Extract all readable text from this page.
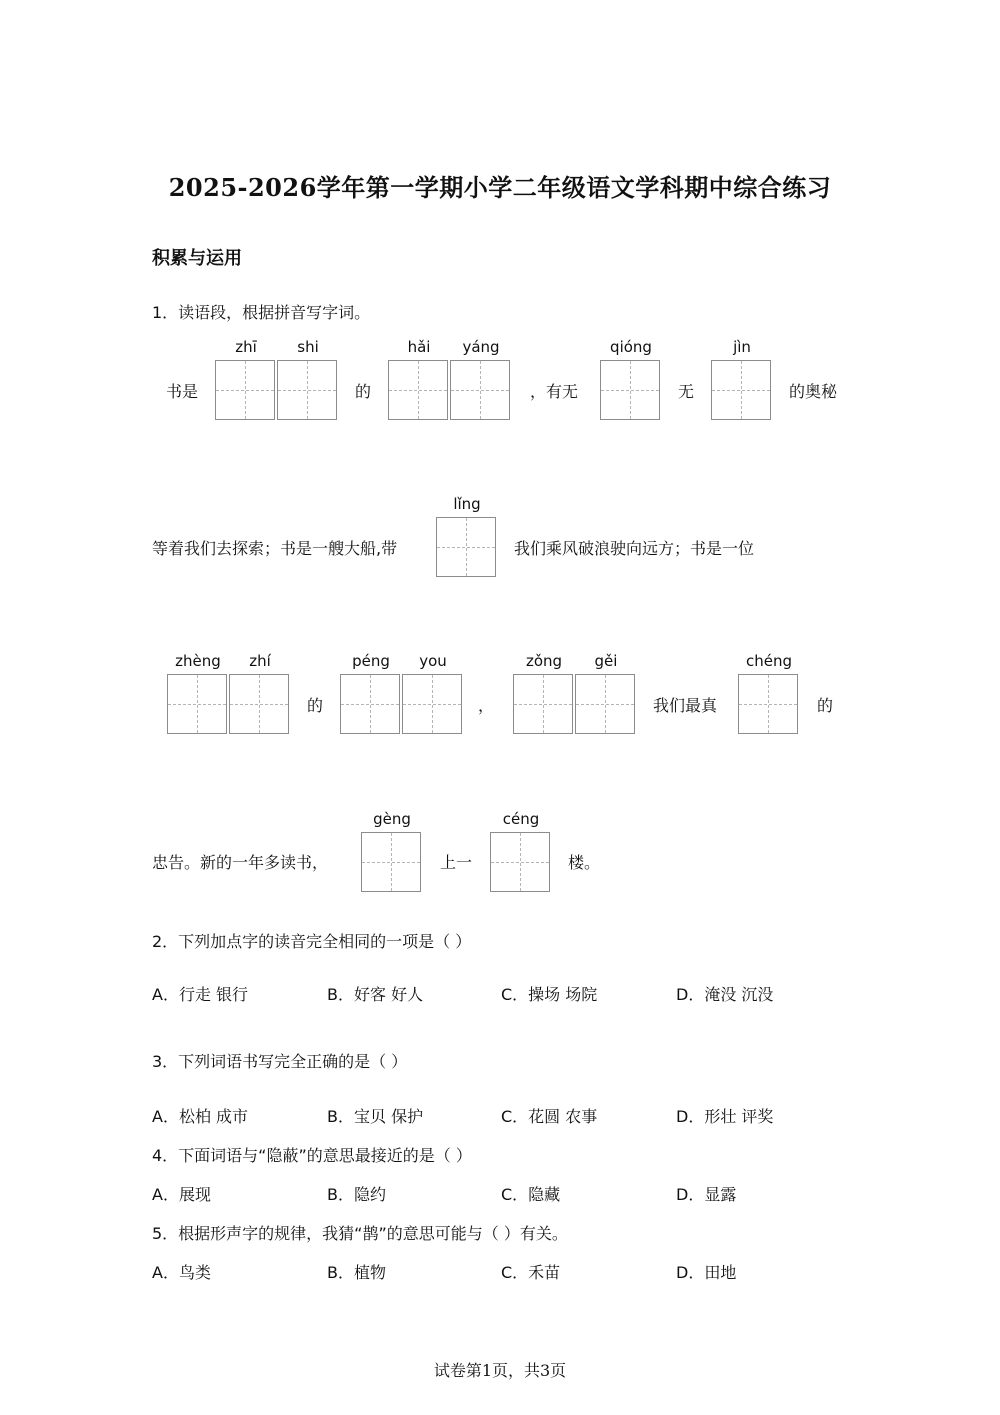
2025-2026学年第一学期小学二年级语文学科期中综合练习
积累与运用
1．读语段，根据拼音写字词。
书是
zhī	shi
的
hǎi	yáng
，有无
qióng
无
jìn
的奥秘
等着我们去探索；书是一艘大船,带
lǐng
我们乘风破浪驶向远方；书是一位
zhèng	zhí
的
péng	you
，
zǒng	gěi
我们最真
chéng
的
忠告。新的一年多读书，
gèng
上一
céng
楼。
2．下列加点字的读音完全相同的一项是（ ）
A．行走 银行	B．好客 好人	C．操场 场院	D．淹没 沉没
3．下列词语书写完全正确的是（ ）
A．松柏 成市	B．宝贝 保护	C．花圆 农事	D．形壮 评奖
4．下面词语与“隐蔽”的意思最接近的是（ ）
A．展现	B．隐约	C．隐藏	D．显露
5．根据形声字的规律，我猜“鹊”的意思可能与（ ）有关。
A．鸟类	B．植物	C．禾苗	D．田地
试卷第1页，共3页
